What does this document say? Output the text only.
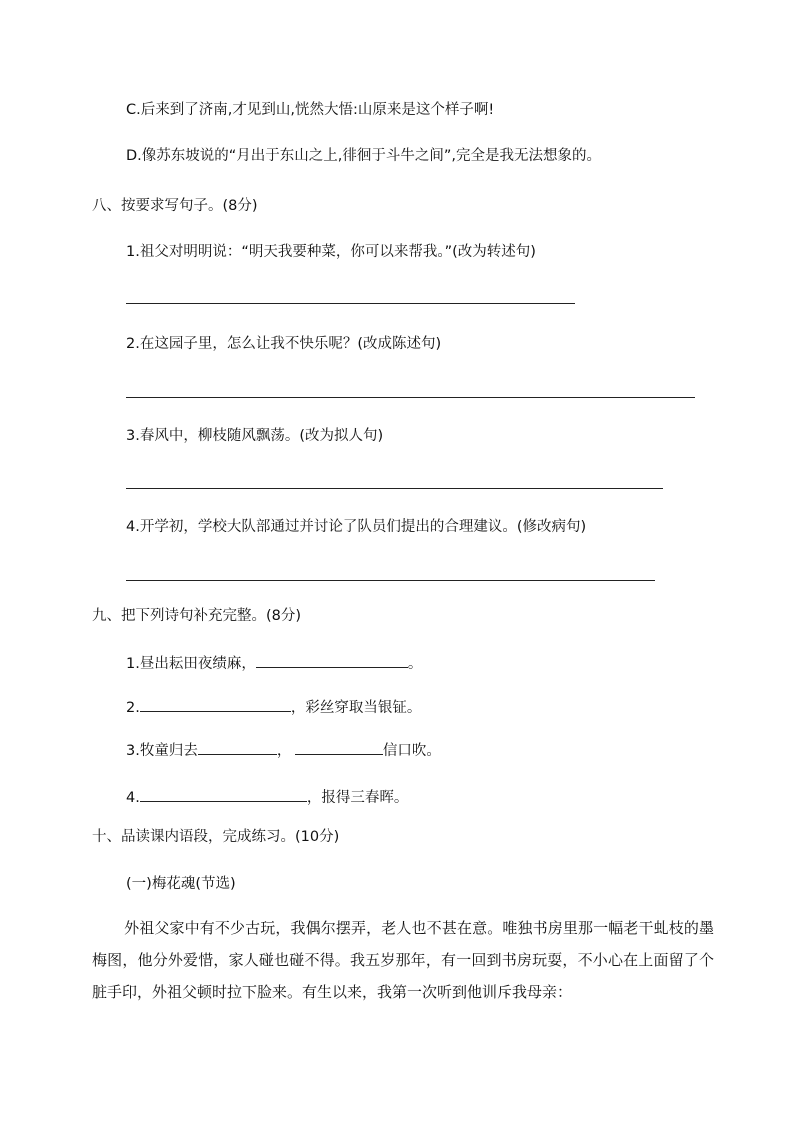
C.后来到了济南,才见到山,恍然大悟:山原来是这个样子啊!
D.像苏东坡说的“月出于东山之上,徘徊于斗牛之间”,完全是我无法想象的。
八、按要求写句子。(8分)
1.祖父对明明说：“明天我要种菜，你可以来帮我。”(改为转述句)
2.在这园子里，怎么让我不快乐呢？(改成陈述句)
3.春风中，柳枝随风飘荡。(改为拟人句)
4.开学初，学校大队部通过并讨论了队员们提出的合理建议。(修改病句)
九、把下列诗句补充完整。(8分)
1.昼出耘田夜绩麻，	。
2.	，彩丝穿取当银钲。
3.牧童归去	，	信口吹。
4.	，报得三春晖。
十、品读课内语段，完成练习。(10分)
(一)梅花魂(节选)
外祖父家中有不少古玩，我偶尔摆弄，老人也不甚在意。唯独书房里那一幅老干虬枝的墨梅图，他分外爱惜，家人碰也碰不得。我五岁那年，有一回到书房玩耍，不小心在上面留了个脏手印，外祖父顿时拉下脸来。有生以来，我第一次听到他训斥我母亲：
